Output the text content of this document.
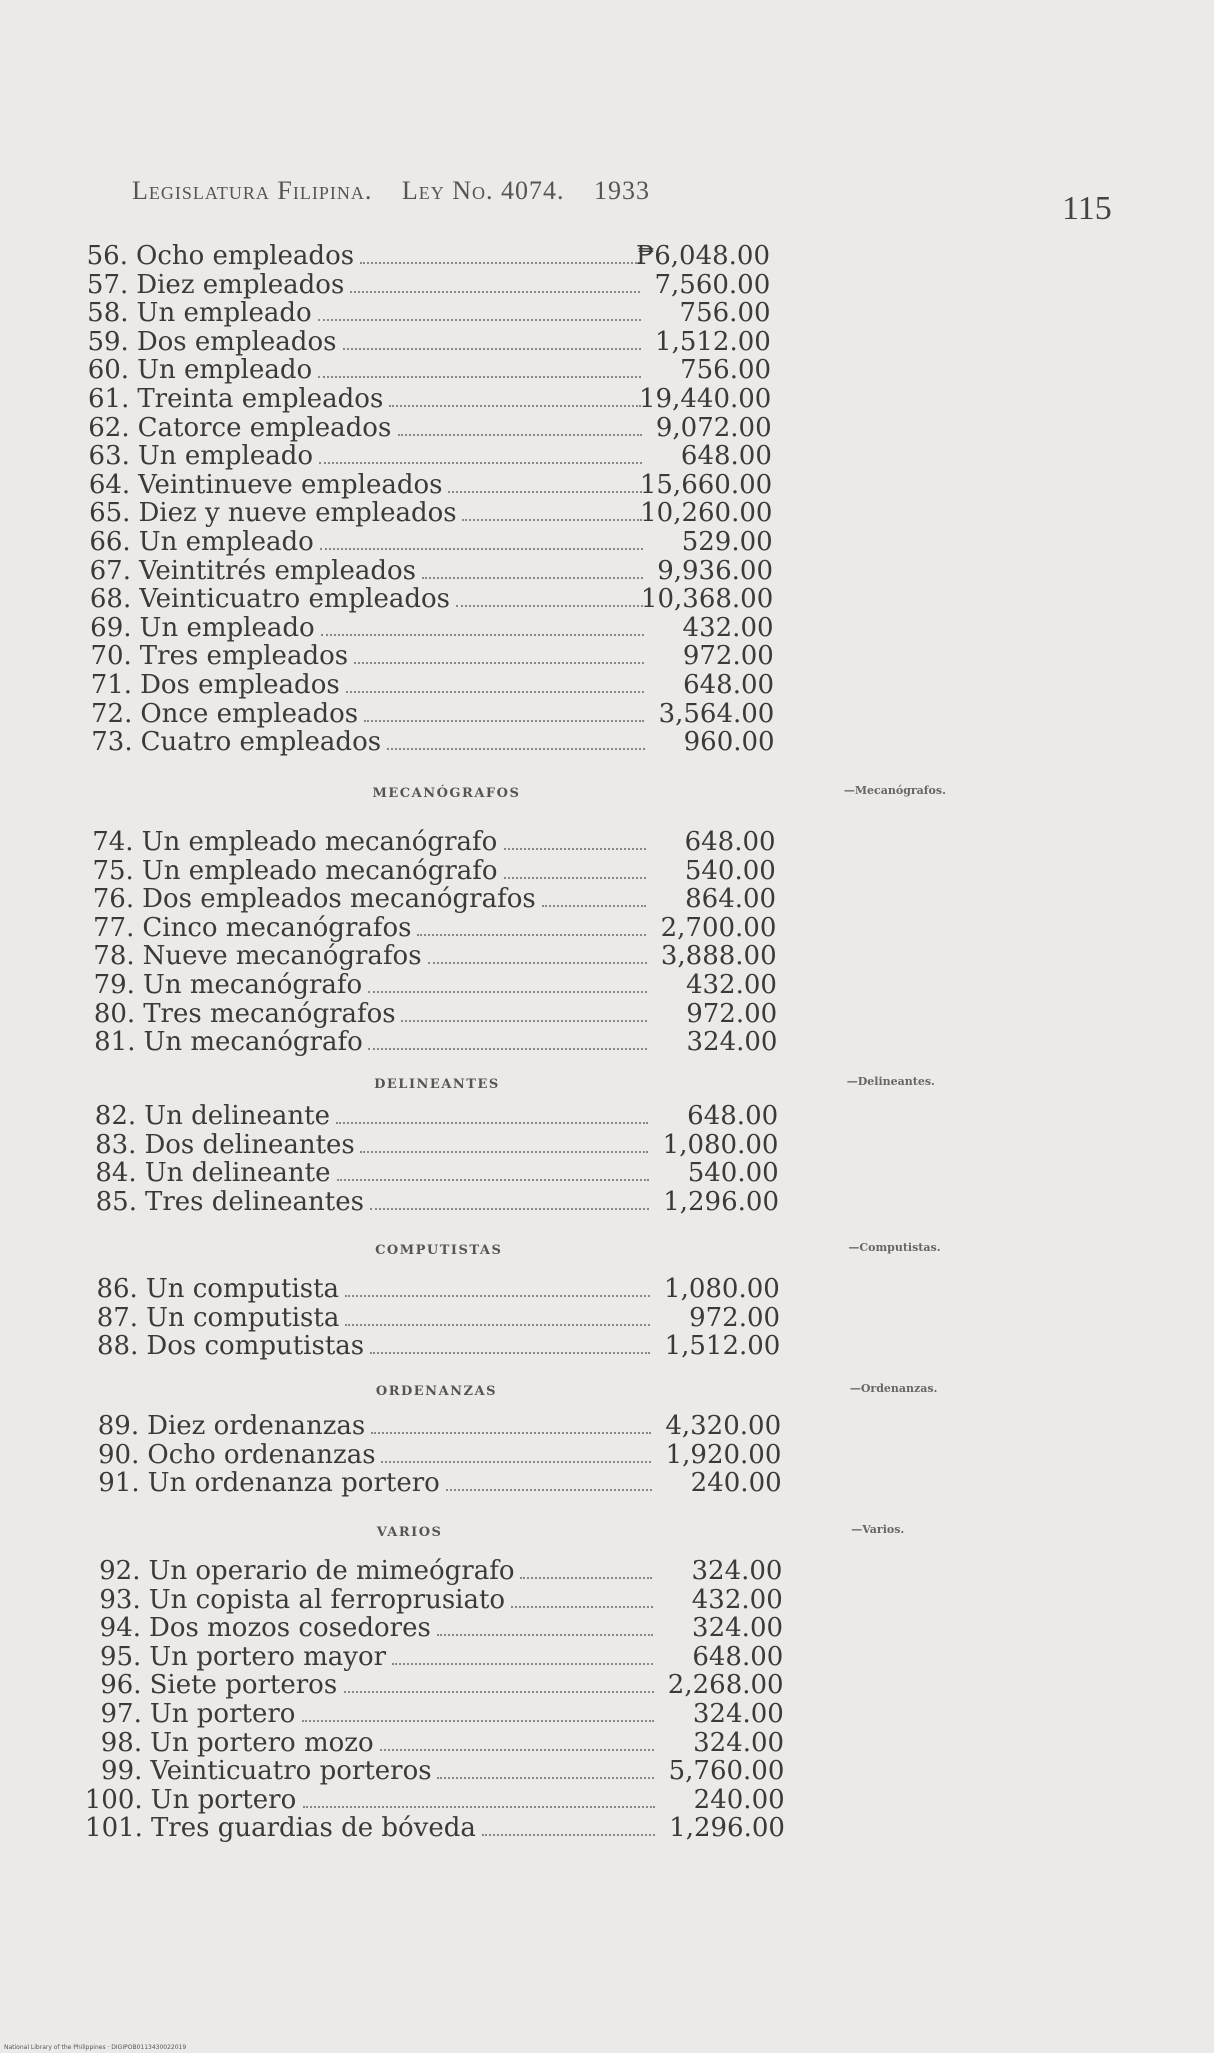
Legislatura Filipina. Ley No. 4074. 1933	115
56. Ocho empleados	₱6,048.00
57. Diez empleados	7,560.00
58. Un empleado	756.00
59. Dos empleados	1,512.00
60. Un empleado	756.00
61. Treinta empleados	19,440.00
62. Catorce empleados	9,072.00
63. Un empleado	648.00
64. Veintinueve empleados	15,660.00
65. Diez y nueve empleados	10,260.00
66. Un empleado	529.00
67. Veintitrés empleados	9,936.00
68. Veinticuatro empleados	10,368.00
69. Un empleado	432.00
70. Tres empleados	972.00
71. Dos empleados	648.00
72. Once empleados	3,564.00
73. Cuatro empleados	960.00
MECANÓGRAFOS	—Mecanógrafos.
74. Un empleado mecanógrafo	648.00
75. Un empleado mecanógrafo	540.00
76. Dos empleados mecanógrafos	864.00
77. Cinco mecanógrafos	2,700.00
78. Nueve mecanógrafos	3,888.00
79. Un mecanógrafo	432.00
80. Tres mecanógrafos	972.00
81. Un mecanógrafo	324.00
DELINEANTES	—Delineantes.
82. Un delineante	648.00
83. Dos delineantes	1,080.00
84. Un delineante	540.00
85. Tres delineantes	1,296.00
COMPUTISTAS	—Computistas.
86. Un computista	1,080.00
87. Un computista	972.00
88. Dos computistas	1,512.00
ORDENANZAS	—Ordenanzas.
89. Diez ordenanzas	4,320.00
90. Ocho ordenanzas	1,920.00
91. Un ordenanza portero	240.00
VARIOS	—Varios.
92. Un operario de mimeógrafo	324.00
93. Un copista al ferroprusiato	432.00
94. Dos mozos cosedores	324.00
95. Un portero mayor	648.00
96. Siete porteros	2,268.00
97. Un portero	324.00
98. Un portero mozo	324.00
99. Veinticuatro porteros	5,760.00
100. Un portero	240.00
101. Tres guardias de bóveda	1,296.00
National Library of the Philippines · DIGIPOB0113430022019
